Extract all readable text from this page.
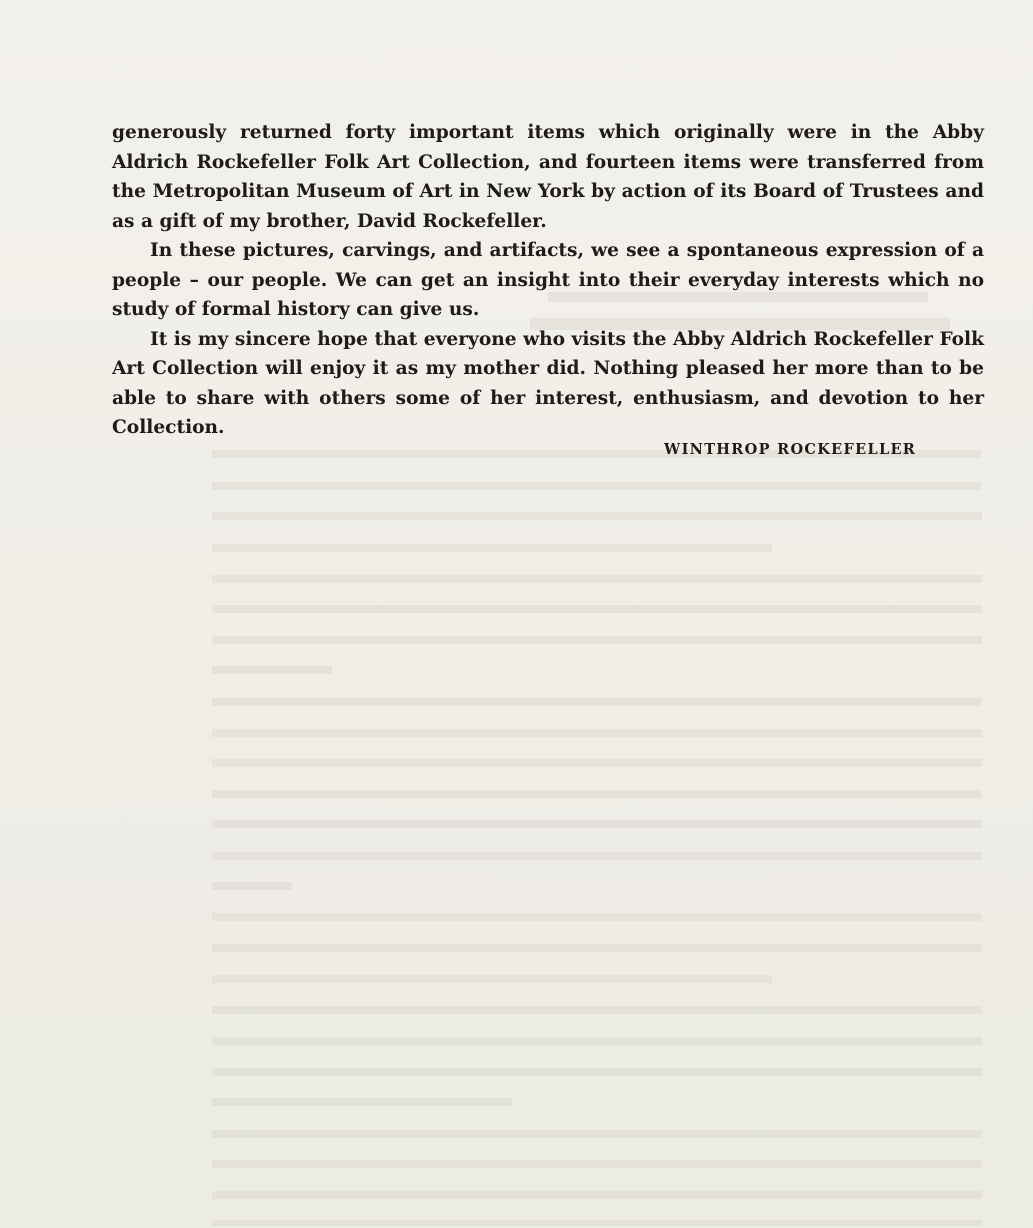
generously returned forty important items which originally were in the Abby Aldrich Rockefeller Folk Art Collection, and fourteen items were transferred from the Metropolitan Museum of Art in New York by action of its Board of Trustees and as a gift of my brother, David Rockefeller.

In these pictures, carvings, and artifacts, we see a spontaneous expression of a people – our people. We can get an insight into their everyday interests which no study of formal history can give us.

It is my sincere hope that everyone who visits the Abby Aldrich Rockefeller Folk Art Collection will enjoy it as my mother did. Nothing pleased her more than to be able to share with others some of her interest, enthusiasm, and devotion to her Collection.

WINTHROP ROCKEFELLER
